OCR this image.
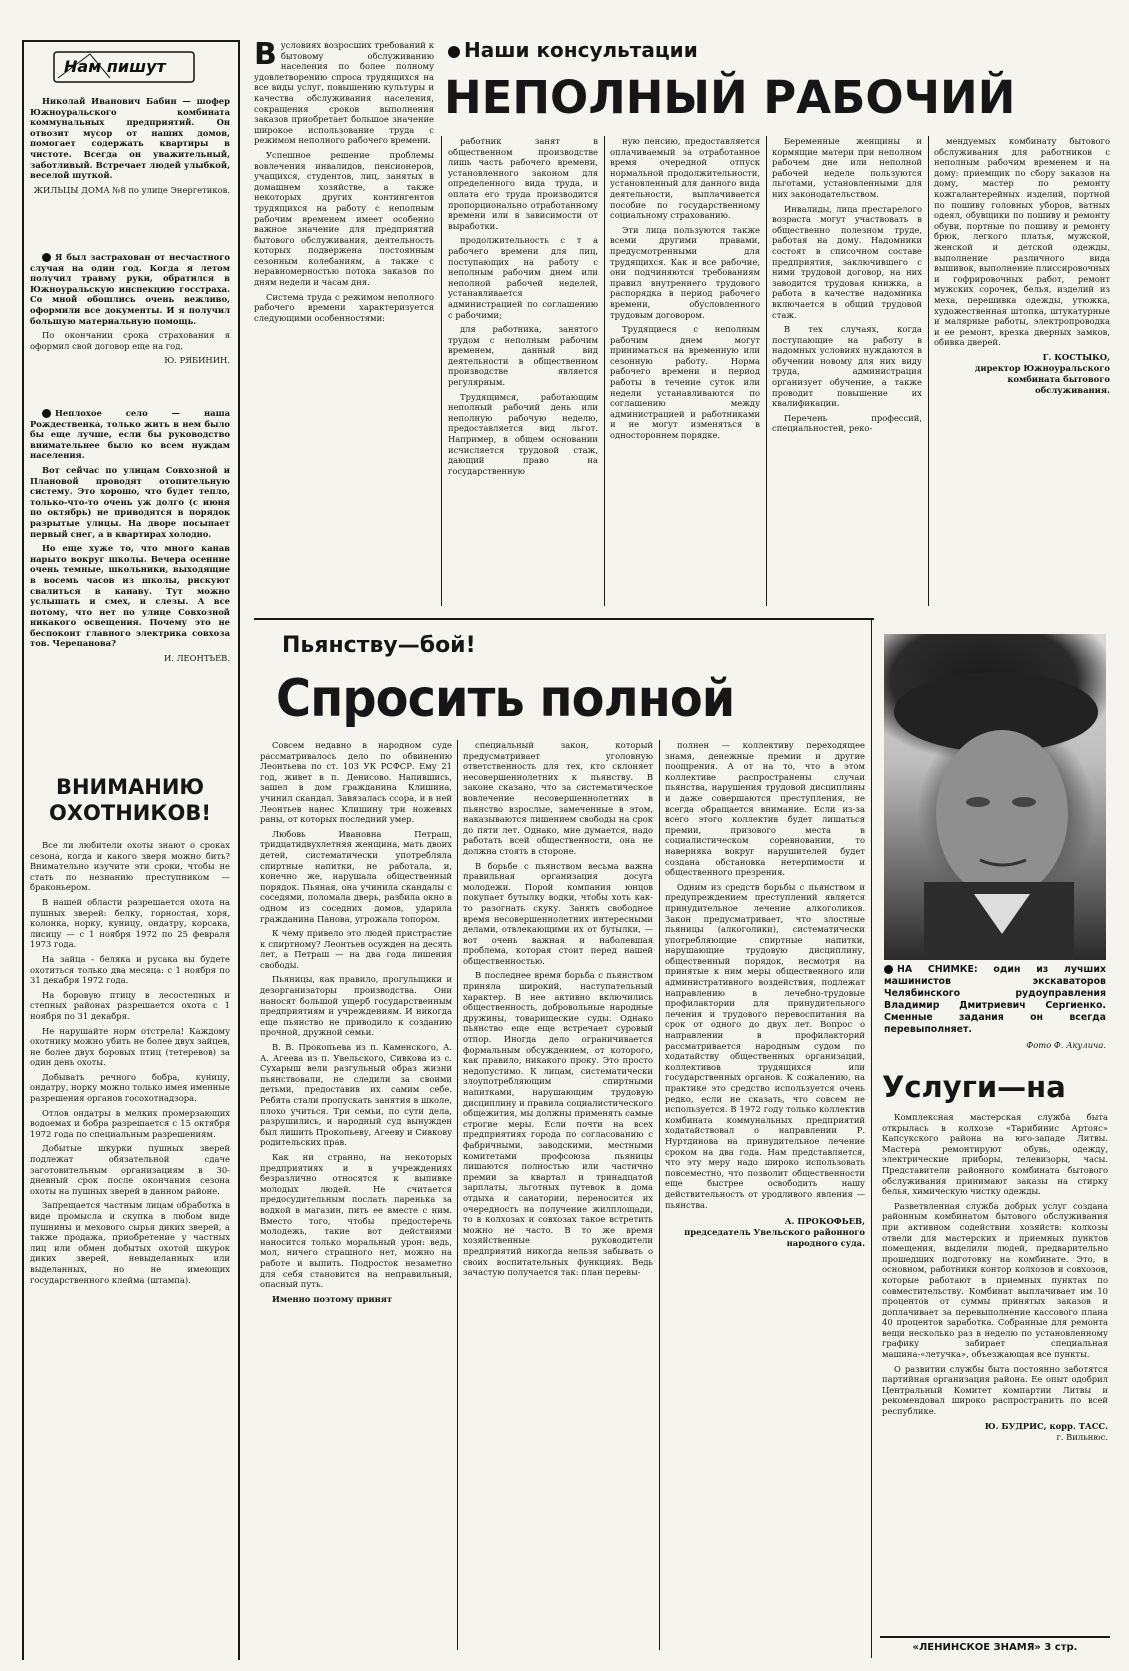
Нам пишут

Николай Иванович Бабин — шофер Южноуральского комбината коммунальных предприятий. Он отвозит мусор от наших домов, помогает содержать квартиры в чистоте. Всегда он уважительный, заботливый. Встречает людей улыбкой, веселой шуткой.

ЖИЛЬЦЫ ДОМА №8 по улице Энергетиков.

Я был застрахован от несчастного случая на один год. Когда я летом получил травму руки, обратился в Южноуральскую инспекцию госстраха. Со мной обошлись очень вежливо, оформили все документы. И я получил большую материальную помощь.

По окончании срока страхования я оформил свой договор еще на год.

Ю. РЯБИНИН.

Неплохое село — наша Рождественка, только жить в нем было бы еще лучше, если бы руководство внимательнее было ко всем нуждам населения.

Вот сейчас по улицам Совхозной и Плановой проводят отопительную систему. Это хорошо, что будет тепло, только-что-то очень уж долго (с июня по октябрь) не приводятся в порядок разрытые улицы. На дворе посыпает первый снег, а в квартирах холодно.

Но еще хуже то, что много канав нарыто вокруг школы. Вечера осенние очень темные, школьники, выходящие в восемь часов из школы, рискуют свалиться в канаву. Тут можно услышать и смех, и слезы. А все потому, что нет по улице Совхозной никакого освещения. Почему это не беспокоит главного электрика совхоза тов. Черепанова?

И. ЛЕОНТЬЕВ.
ВНИМАНИЮ
ОХОТНИКОВ!

Все ли любители охоты знают о сроках сезона, когда и какого зверя можно бить? Внимательно изучите эти сроки, чтобы не стать по незнанию преступником —браконьером.

В нашей области разрешается охота на пушных зверей: белку, горностая, хоря, колонка, норку, куницу, ондатру, корсака, лисицу — с 1 ноября 1972 по 25 февраля 1973 года.

На зайца - беляка и русака вы будете охотиться только два месяца: с 1 ноября по 31 декабря 1972 года.

На боровую птицу в лесостепных и степных районах разрешается охота с 1 ноября по 31 декабря.

Не нарушайте норм отстрела! Каждому охотнику можно убить не более двух зайцев, не более двух боровых птиц (тетеревов) за один день охоты.

Добывать речного бобра, куницу, ондатру, норку можно только имея именные разрешения органов госохотнадзора.

Отлов ондатры в мелких промерзающих водоемах и бобра разрешается с 15 октября 1972 года по специальным разрешениям.

Добытые шкурки пушных зверей подлежат обязательной сдаче заготовительным организациям в 30-дневный срок после окончания сезона охоты на пушных зверей в данном районе.

Запрещается частным лицам обработка в виде промысла и скупка в любом виде пушнины и мехового сырья диких зверей, а также продажа, приобретение у частных лиц или обмен добытых охотой шкурок диких зверей, невыделанных или выделанных, но не имеющих государственного клейма (штампа).

Наши консультации
НЕПОЛНЫЙ РАБОЧИЙ
В условиях возросших требований к бытовому обслуживанию населения по более полному удовлетворению спроса трудящихся на все виды услуг, повышению культуры и качества обслуживания населения, сокращения сроков выполнения заказов приобретает большое значение широкое использование труда с режимом неполного рабочего времени.

Успешное решение проблемы вовлечения инвалидов, пенсионеров, учащихся, студентов, лиц, занятых в домашнем хозяйстве, а также некоторых других контингентов трудящихся на работу с неполным рабочим временем имеет особенно важное значение для предприятий бытового обслуживания, деятельность которых подвержена постоянным сезонным колебаниям, а также с неравномерностью потока заказов по дням недели и часам дня.

Система труда с режимом неполного рабочего времени характеризуется следующими особенностями:

работник занят в общественном производстве лишь часть рабочего времени, установленного законом для определенного вида труда, и оплата его труда производится пропорционально отработанному времени или в зависимости от выработки.

продолжительность с т а рабочего времени для лиц, поступающих на работу с неполным рабочим днем или неполной рабочей неделей, устанавливается администрацией по соглашению с рабочими;

для работника, занятого трудом с неполным рабочим временем, данный вид деятельности в общественном производстве является регулярным.

Трудящимся, работающим неполный рабочий день или неполную рабочую неделю, предоставляется вид льгот. Например, в общем основании исчисляется трудовой стаж, дающий право на государственную

ную пенсию, предоставляется оплачиваемый за отработанное время очередной отпуск нормальной продолжительности, установленный для данного вида деятельности, выплачивается пособие по государственному социальному страхованию.

Эти лица пользуются также всеми другими правами, предусмотренными для трудящихся. Как и все рабочие, они подчиняются требованиям правил внутреннего трудового распорядка в период рабочего времени, обусловленного трудовым договором.

Трудящиеся с неполным рабочим днем могут приниматься на временную или сезонную работу. Норма рабочего времени и период работы в течение суток или недели устанавливаются по соглашению между администрацией и работниками и не могут изменяться в одностороннем порядке.

Беременные женщины и кормящие матери при неполном рабочем дне или неполной рабочей неделе пользуются льготами, установленными для них законодательством.

Инвалиды, лица престарелого возраста могут участвовать в общественно полезном труде, работая на дому. Надомники состоят в списочном составе предприятия, заключившего с ними трудовой договор, на них заводится трудовая книжка, а работа в качестве надомника включается в общий трудовой стаж.

В тех случаях, когда поступающие на работу в надомных условиях нуждаются в обучении новому для них виду труда, администрация организует обучение, а также проводит повышение их квалификации.

Перечень профессий, специальностей, реко-

мендуемых комбинату бытового обслуживания для работников с неполным рабочим временем и на дому: приемщик по сбору заказов на дому, мастер по ремонту кожгалантерейных изделий, портной по пошиву головных уборов, ватных одеял, обувщики по пошиву и ремонту обуви, портные по пошиву и ремонту брюк, легкого платья, мужской, женской и детской одежды, выполнение различного вида вышивок, выполнение плиссировочных и гофрировочных работ, ремонт мужских сорочек, белья, изделий из меха, перешивка одежды, утюжка, художественная штопка, штукатурные и малярные работы, электропроводка и ее ремонт, врезка дверных замков, обивка дверей.

Г. КОСТЫКО,
директор Южноуральского комбината бытового обслуживания.
Пьянству—бой!
Спросить полной

Совсем недавно в народном суде рассматривалось дело по обвинению Леонтьева по ст. 103 УК РСФСР. Ему 21 год, живет в п. Денисово. Напившись, зашел в дом гражданина Клишина, учинил скандал. Завязалась ссора, и в ней Леонтьев нанес Клишину три ножевых раны, от которых последний умер.

Любовь Ивановна Петраш, тридцатидвухлетняя женщина, мать двоих детей, систематически употребляла спиртные напитки, не работала, и, конечно же, нарушала общественный порядок. Пьяная, она учинила скандалы с соседями, поломала дверь, разбила окно в одном из соседних домов, ударила гражданина Панова, угрожала топором.

К чему привело это людей пристрастие к спиртному? Леонтьев осужден на десять лет, а Петраш — на два года лишения свободы.

Пьяницы, как правило, прогульщики и дезорганизаторы производства. Они наносят большой ущерб государственным предприятиям и учреждениям. И никогда еще пьянство не приводило к созданию прочной, дружной семьи.

В. В. Прокопьева из п. Каменского, А. А. Агеева из п. Увельского, Сивкова из с. Сухарыш вели разгульный образ жизни пьянствовали, не следили за своими детьми, предоставив их самим себе. Ребята стали пропускать занятия в школе, плохо учиться. Три семьи, по сути дела, разрушились, и народный суд вынужден был лишить Прокопьеву, Агееву и Сивкову родительских прав.

Как ни странно, на некоторых предприятиях и в учреждениях безразлично относятся к выпивке молодых людей. Не считается предосудительным послать паренька за водкой в магазин, пить ее вместе с ним. Вместо того, чтобы предостеречь молодежь, такие вот действиями наносится только моральный урон: ведь, мол, ничего страшного нет, можно на работе и выпить. Подросток незаметно для себя становится на неправильный, опасный путь.

Именно поэтому принят

специальный закон, который предусматривает уголовную ответственность для тех, кто склоняет несовершеннолетних к пьянству. В законе сказано, что за систематическое вовлечение несовершеннолетних в пьянство взрослые, замеченные в этом, наказываются лишением свободы на срок до пяти лет. Однако, мне думается, надо работать всей общественности, она не должна стоять в стороне.

В борьбе с пьянством весьма важна правильная организация досуга молодежи. Порой компания юнцов покупает бутылку водки, чтобы хоть как-то разогнать скуку. Занять свободное время несовершеннолетних интересными делами, отвлекающими их от бутылки, — вот очень важная и наболевшая проблема, которая стоит перед нашей общественностью.

В последнее время борьба с пьянством приняла широкий, наступательный характер. В нее активно включились общественность, добровольные народные дружины, товарищеские суды. Однако пьянство еще еще встречает суровый отпор. Иногда дело ограничивается формальным обсуждением, от которого, как правило, никакого проку. Это просто недопустимо. К лицам, систематически злоупотребляющим спиртными напитками, нарушающим трудовую дисциплину и правила социалистического общежития, мы должны применять самые строгие меры. Если почти на всех предприятиях города по согласованию с фабричными, заводскими, местными комитетами профсоюза пьяницы лишаются полностью или частично премии за квартал и тринадцатой зарплаты, льготных путевок в дома отдыха и санатории, переносится их очередность на получение жилплощади, то в колхозах и совхозах такое встретить можно не часто. В то же время хозяйственные руководители предприятий никогда нельзя забывать о своих воспитательных функциях. Ведь зачастую получается так: план перевы-

полнен — коллективу переходящее знамя, денежные премии и другие поощрения. А от на то, что в этом коллективе распространены случаи пьянства, нарушения трудовой дисциплины и даже совершаются преступления, не всегда обращается внимание. Если из-за всего этого коллектив будет лишаться премии, призового места в социалистическом соревновании, то наверняка вокруг нарушителей будет создана обстановка нетерпимости и общественного презрения.

Одним из средств борьбы с пьянством и предупреждением преступлений является принудительное лечение алкоголиков. Закон предусматривает, что злостные пьяницы (алкоголики), систематически употребляющие спиртные напитки, нарушающие трудовую дисциплину, общественный порядок, несмотря на принятые к ним меры общественного или административного воздействия, подлежат направлению в лечебно-трудовые профилактории для принудительного лечения и трудового перевоспитания на срок от одного до двух лет. Вопрос о направлении в профилакторий рассматривается народным судом по ходатайству общественных организаций, коллективов трудящихся или государственных органов. К сожалению, на практике это средство используется очень редко, если не сказать, что совсем не используется. В 1972 году только коллектив комбината коммунальных предприятий ходатайствовал о направлении Р. Нуртдинова на принудительное лечение сроком на два года. Нам представляется, что эту меру надо широко использовать повсеместно, что позволит общественности еще быстрее освободить нашу действительность от уродливого явления — пьянства.

А. ПРОКОФЬЕВ,
председатель Увельского районного народного суда.

НА СНИМКЕ: один из лучших машинистов экскаваторов Челябинского рудоуправления Владимир Дмитриевич Сергиенко. Сменные задания он всегда перевыполняет.

Фото Ф. Акулича.
Услуги—на

Комплексная мастерская служба быта открылась в колхозе «Тарибинис Артояс» Капсукского района на юго-западе Литвы. Мастера ремонтируют обувь, одежду, электрические приборы, телевизоры, часы. Представители районного комбината бытового обслуживания принимают заказы на стирку белья, химическую чистку одежды.

Разветвленная служба добрых услуг создана районным комбинатом бытового обслуживания при активном содействии хозяйств: колхозы отвели для мастерских и приемных пунктов помещения, выделили людей, предварительно прошедших подготовку на комбинате. Это, в основном, работники контор колхозов и совхозов, которые работают в приемных пунктах по совместительству. Комбинат выплачивает им 10 процентов от суммы принятых заказов и доплачивает за перевыполнение кассового плана 40 процентов заработка. Собранные для ремонта вещи несколько раз в неделю по установленному графику забирает специальная машина-«летучка», объезжающая все пункты.

О развитии службы быта постоянно заботятся партийная организация района. Ее опыт одобрил Центральный Комитет компартии Литвы и рекомендовал широко распространить по всей республике.

Ю. БУДРИС, корр. ТАСС.
г. Вильнюс.
«ЛЕНИНСКОЕ ЗНАМЯ» 3 стр.
